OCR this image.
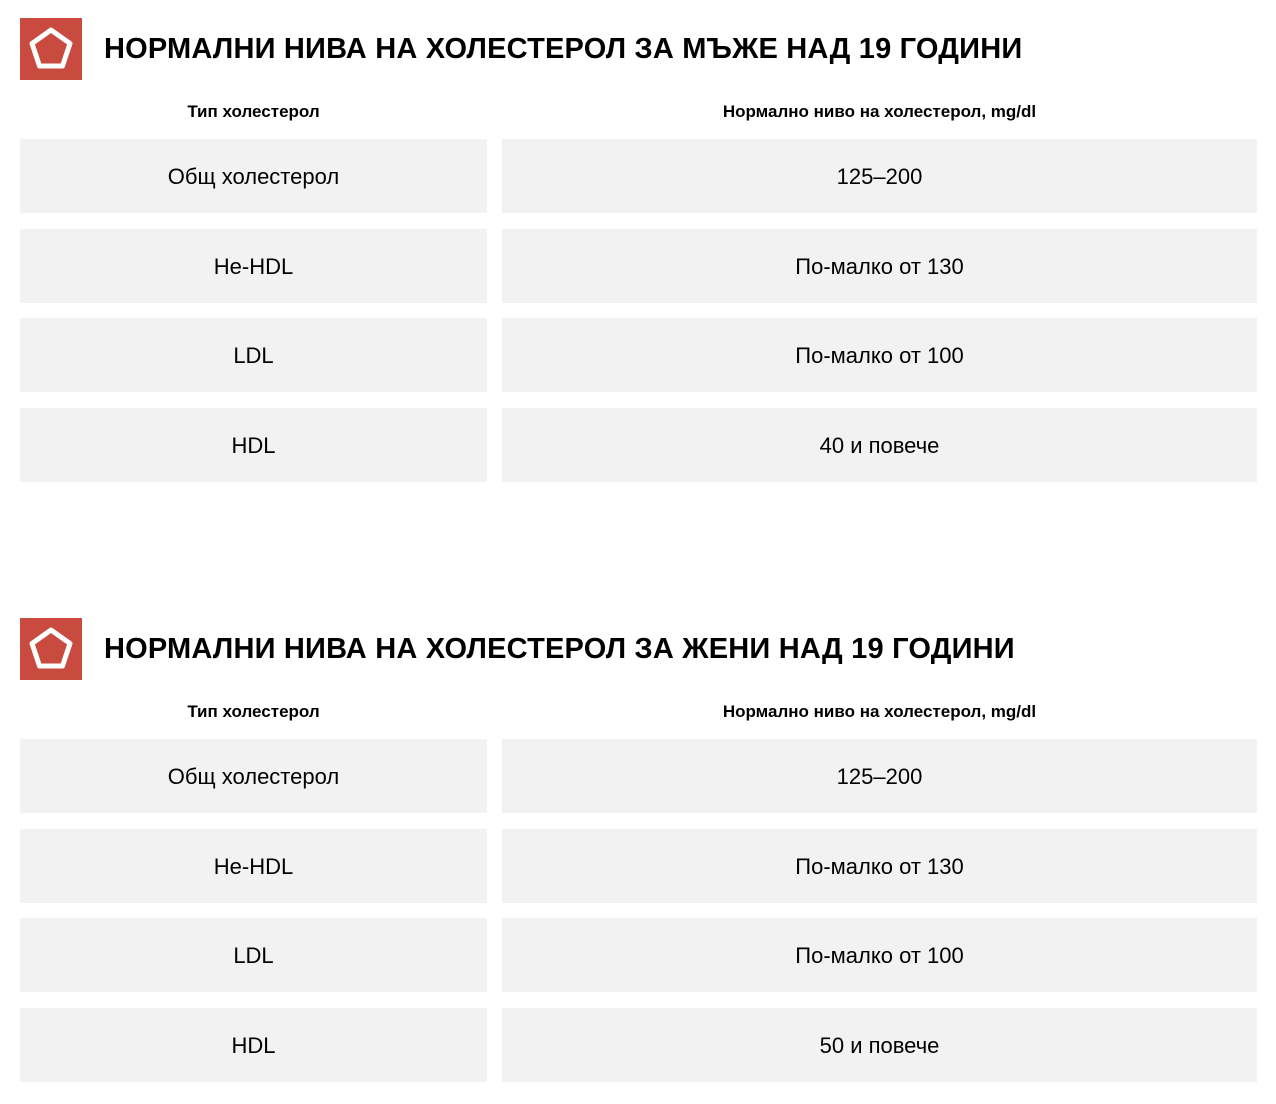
НОРМАЛНИ НИВА НА ХОЛЕСТЕРОЛ ЗА МЪЖЕ НАД 19 ГОДИНИ
Тип холестерол	Нормално ниво на холестерол, mg/dl
Общ холестерол	125–200
Не-HDL	По-малко от 130
LDL	По-малко от 100
HDL	40 и повече
НОРМАЛНИ НИВА НА ХОЛЕСТЕРОЛ ЗА ЖЕНИ НАД 19 ГОДИНИ
Тип холестерол	Нормално ниво на холестерол, mg/dl
Общ холестерол	125–200
Не-HDL	По-малко от 130
LDL	По-малко от 100
HDL	50 и повече
